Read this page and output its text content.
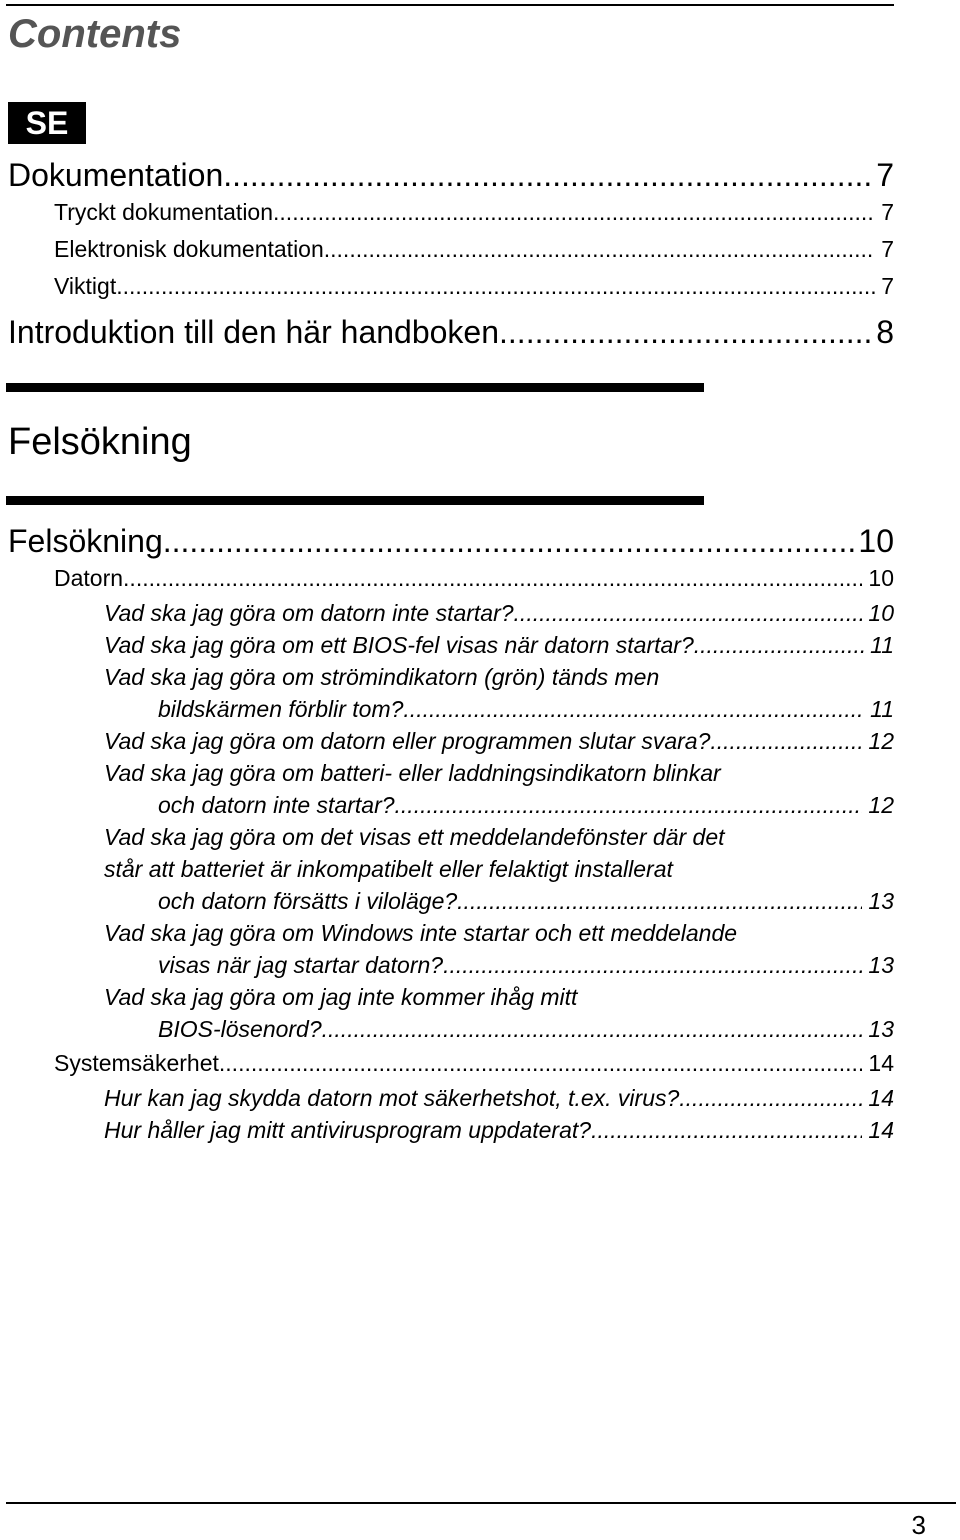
Contents
SE
Dokumentation .....	7
Tryckt dokumentation .....	7
Elektronisk dokumentation .....	7
Viktigt .....	7
Introduktion till den här handboken .....	8
Felsökning
Felsökning .....	10
Datorn .....	10
Vad ska jag göra om datorn inte startar? .....	10
Vad ska jag göra om ett BIOS-fel visas när datorn startar? .....	11
Vad ska jag göra om strömindikatorn (grön) tänds men
bildskärmen förblir tom? .....	11
Vad ska jag göra om datorn eller programmen slutar svara? .....	12
Vad ska jag göra om batteri- eller laddningsindikatorn blinkar
och datorn inte startar? .....	12
Vad ska jag göra om det visas ett meddelandefönster där det
står att batteriet är inkompatibelt eller felaktigt installerat
och datorn försätts i viloläge? .....	13
Vad ska jag göra om Windows inte startar och ett meddelande
visas när jag startar datorn? .....	13
Vad ska jag göra om jag inte kommer ihåg mitt
BIOS-lösenord? .....	13
Systemsäkerhet .....	14
Hur kan jag skydda datorn mot säkerhetshot, t.ex. virus? .....	14
Hur håller jag mitt antivirusprogram uppdaterat? .....	14
3
